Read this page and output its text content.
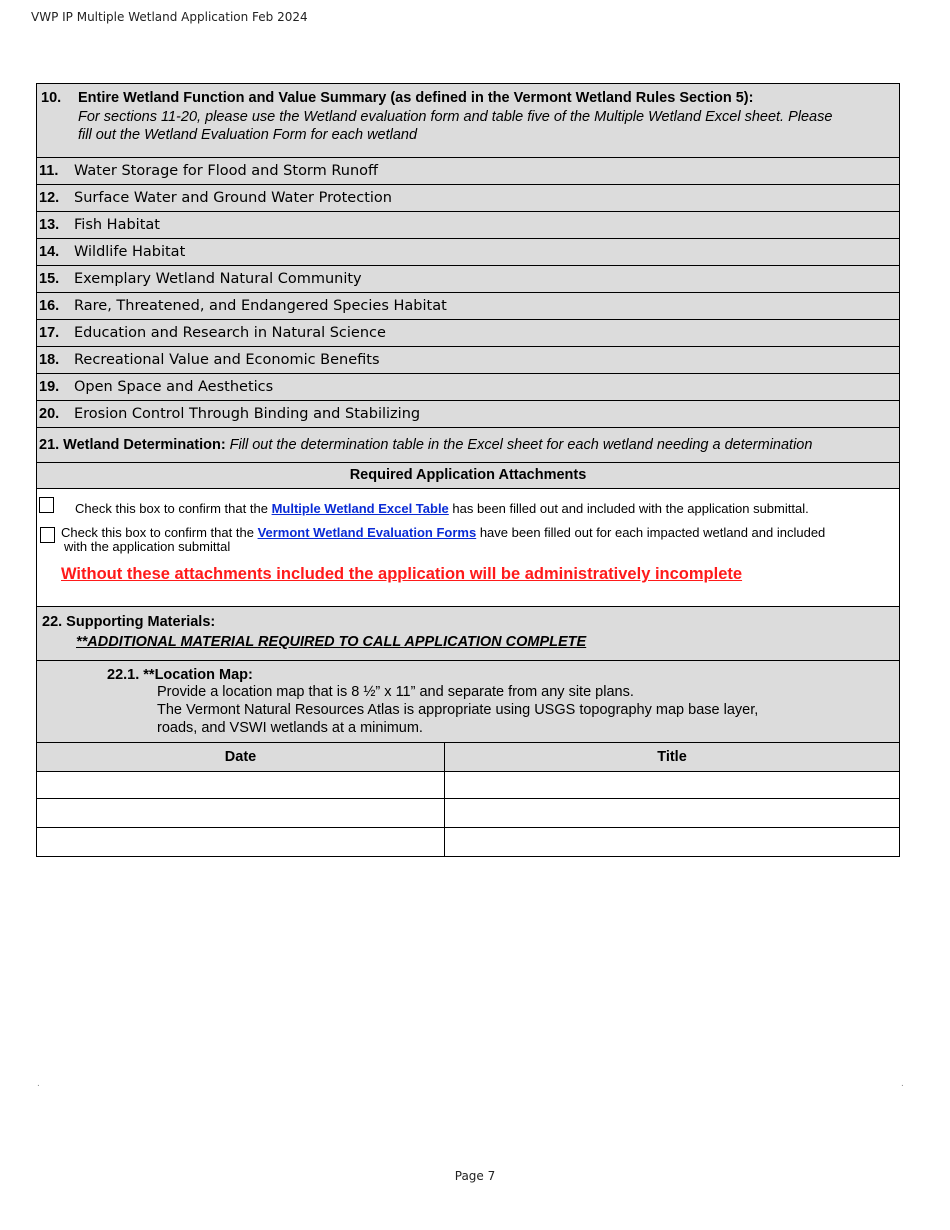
VWP IP Multiple Wetland Application Feb 2024
10. Entire Wetland Function and Value Summary (as defined in the Vermont Wetland Rules Section 5):
For sections 11-20, please use the Wetland evaluation form and table five of the Multiple Wetland Excel sheet. Please
fill out the Wetland Evaluation Form for each wetland
11.	Water Storage for Flood and Storm Runoff
12.	Surface Water and Ground Water Protection
13.	Fish Habitat
14.	Wildlife Habitat
15.	Exemplary Wetland Natural Community
16.	Rare, Threatened, and Endangered Species Habitat
17.	Education and Research in Natural Science
18.	Recreational Value and Economic Benefits
19.	Open Space and Aesthetics
20.	Erosion Control Through Binding and Stabilizing
21. Wetland Determination: Fill out the determination table in the Excel sheet for each wetland needing a determination
Required Application Attachments
Check this box to confirm that the Multiple Wetland Excel Table has been filled out and included with the application submittal.
Check this box to confirm that the Vermont Wetland Evaluation Forms have been filled out for each impacted wetland and included
with the application submittal
Without these attachments included the application will be administratively incomplete
22. Supporting Materials:
**ADDITIONAL MATERIAL REQUIRED TO CALL APPLICATION COMPLETE
22.1. **Location Map:
Provide a location map that is 8 ½” x 11” and separate from any site plans.
The Vermont Natural Resources Atlas is appropriate using USGS topography map base layer,
roads, and VSWI wetlands at a minimum.
Date	Title
.	.
Page 7
